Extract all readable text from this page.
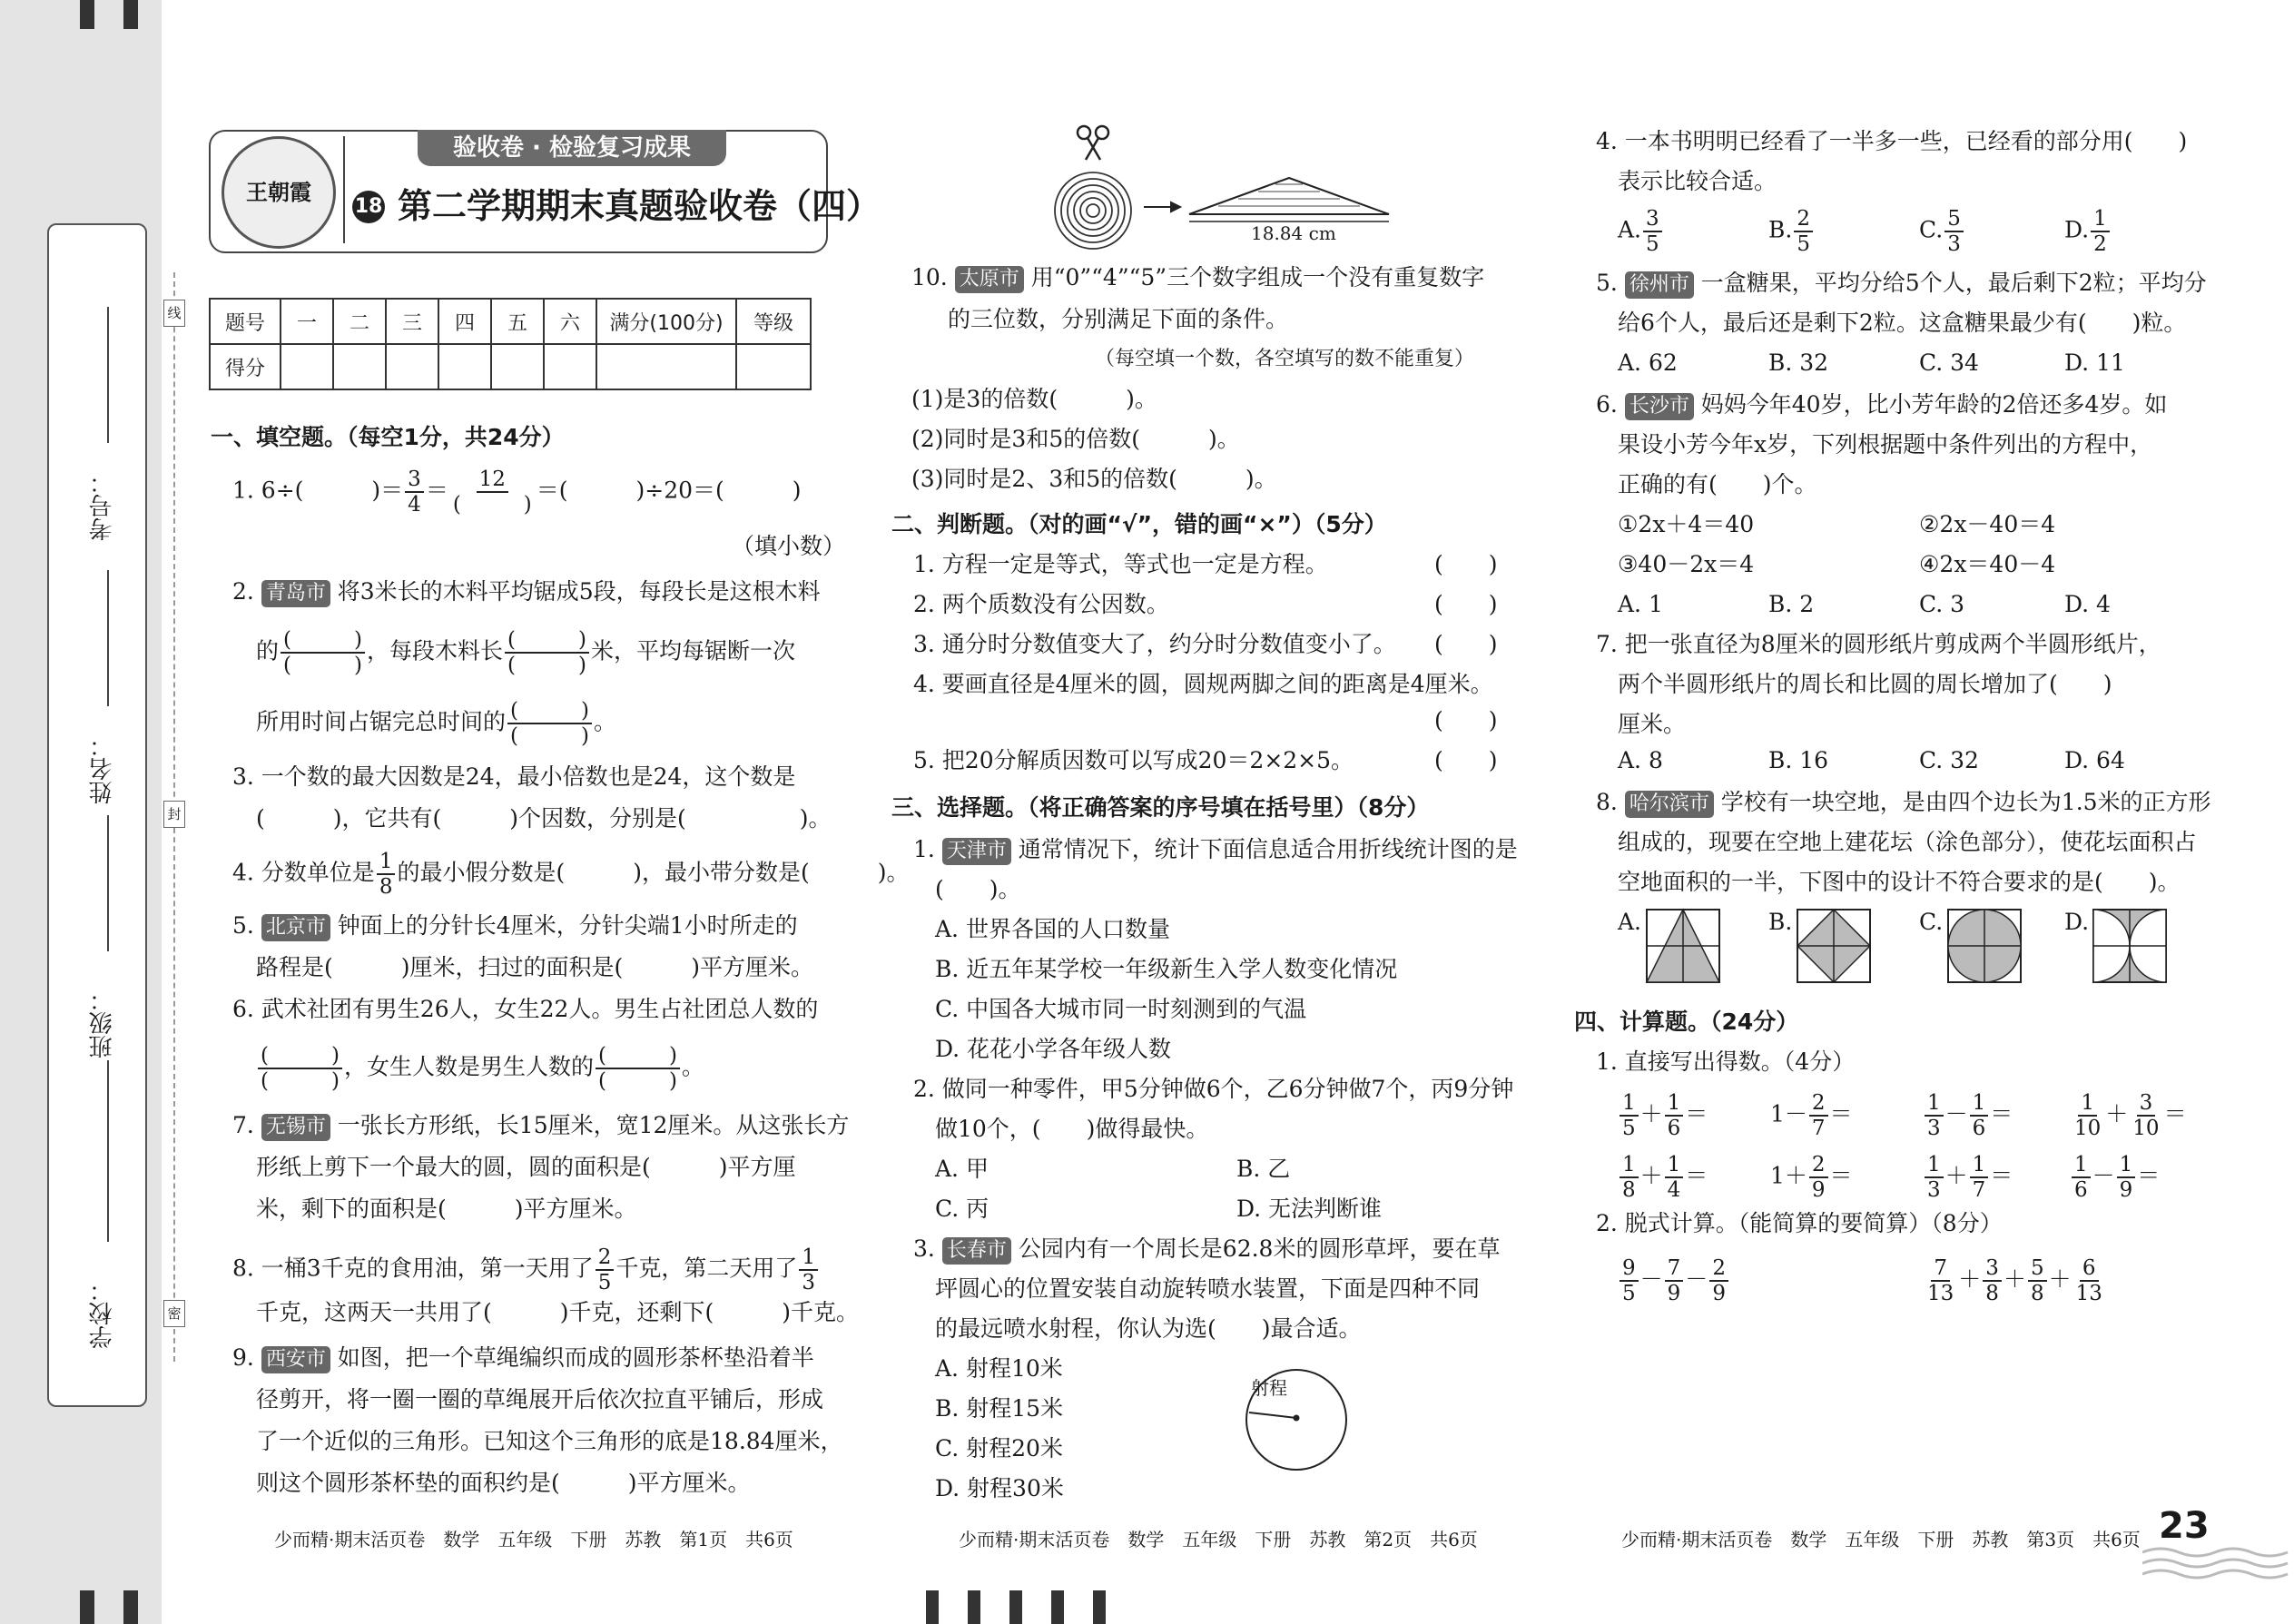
考号：
姓名：
班级：
学校：
线
封
密
验收卷 · 检验复习成果
王朝霞
18 第二学期期末真题验收卷（四）
题号	一	二	三	四	五	六	满分(100分)	等级
得分								
一、填空题。（每空1分，共24分）
1. 6÷(　　　)＝ $\frac{3}{4} = 12$
(　　　)
＝(　　　)÷20＝(　　　)
（填小数）
2. 青岛市 将3米长的木料平均锯成5段，每段长是这根木料
的 (　　　)
(　　　)
，每段木料长 (　　　)
(　　　)
米，平均每锯断一次
所用时间占锯完总时间的 (　　　)
(　　　)
。
3. 一个数的最大因数是24，最小倍数也是24，这个数是
(　　　)，它共有(　　　)个因数，分别是(　　　　　)。
4. 分数单位是 $\frac{1}{8}$ 的最小假分数是(　　　)，最小带分数是(　　　)。
5. 北京市 钟面上的分针长4厘米，分针尖端1小时所走的
路程是(　　　)厘米，扫过的面积是(　　　)平方厘米。
6. 武术社团有男生26人，女生22人。男生占社团总人数的
(　　　)
(　　　)
，女生人数是男生人数的 (　　　)
(　　　)
。
7. 无锡市 一张长方形纸，长15厘米，宽12厘米。从这张长方
形纸上剪下一个最大的圆，圆的面积是(　　　)平方厘
米，剩下的面积是(　　　)平方厘米。
8. 一桶3千克的食用油，第一天用了 $\frac{2}{5}$ 千克，第二天用了 $\frac{1}{3}$
千克，这两天一共用了(　　　)千克，还剩下(　　　)千克。
9. 西安市 如图，把一个草绳编织而成的圆形茶杯垫沿着半
径剪开，将一圈一圈的草绳展开后依次拉直平铺后，形成
了一个近似的三角形。已知这个三角形的底是18.84厘米，
则这个圆形茶杯垫的面积约是(　　　)平方厘米。
少而精·期末活页卷　数学　五年级　下册　苏教　第1页　共6页
18.84 cm
10. 太原市 用“0”“4”“5”三个数字组成一个没有重复数字
的三位数，分别满足下面的条件。
（每空填一个数，各空填写的数不能重复）
(1)是3的倍数(　　　)。
(2)同时是3和5的倍数(　　　)。
(3)同时是2、3和5的倍数(　　　)。
二、判断题。（对的画“√”，错的画“×”）（5分）
1. 方程一定是等式，等式也一定是方程。	(　　)
2. 两个质数没有公因数。	(　　)
3. 通分时分数值变大了，约分时分数值变小了。 (　　)
4. 要画直径是4厘米的圆，圆规两脚之间的距离是4厘米。
(　　)
5. 把20分解质因数可以写成20＝2×2×5。	(　　)
三、选择题。（将正确答案的序号填在括号里）（8分）
1. 天津市 通常情况下，统计下面信息适合用折线统计图的是
(　　)。
A. 世界各国的人口数量
B. 近五年某学校一年级新生入学人数变化情况
C. 中国各大城市同一时刻测到的气温
D. 花花小学各年级人数
2. 做同一种零件，甲5分钟做6个，乙6分钟做7个，丙9分钟
做10个，(　　)做得最快。
A. 甲	B. 乙
C. 丙	D. 无法判断谁
3. 长春市 公园内有一个周长是62.8米的圆形草坪，要在草
坪圆心的位置安装自动旋转喷水装置，下面是四种不同
的最远喷水射程，你认为选(　　)最合适。
A. 射程10米
B. 射程15米
C. 射程20米
D. 射程30米
射程
少而精·期末活页卷　数学　五年级　下册　苏教　第2页　共6页
4. 一本书明明已经看了一半多一些，已经看的部分用(　　)
表示比较合适。
A. $\frac{3}{5}$	B. $\frac{2}{5}$	C. $\frac{5}{3}$	D. $\frac{1}{2}$
5. 徐州市 一盒糖果，平均分给5个人，最后剩下2粒；平均分
给6个人，最后还是剩下2粒。这盒糖果最少有(　　)粒。
A. 62	B. 32	C. 34	D. 11
6. 长沙市 妈妈今年40岁，比小芳年龄的2倍还多4岁。如
果设小芳今年x岁，下列根据题中条件列出的方程中，
正确的有(　　)个。
①2x＋4＝40	②2x－40＝4
③40－2x＝4	④2x＝40－4
A. 1	B. 2	C. 3	D. 4
7. 把一张直径为8厘米的圆形纸片剪成两个半圆形纸片，
两个半圆形纸片的周长和比圆的周长增加了(　　)
厘米。
A. 8	B. 16	C. 32	D. 64
8. 哈尔滨市 学校有一块空地，是由四个边长为1.5米的正方形
组成的，现要在空地上建花坛（涂色部分），使花坛面积占
空地面积的一半，下图中的设计不符合要求的是(　　)。
A.	B.	C.	D.
四、计算题。（24分）
1. 直接写出得数。（4分）
$\frac{1}{5} + \frac{1}{6}$ ＝	$1- \frac{2}{7}$ ＝	$\frac{1}{3} - \frac{1}{6}$ ＝	$\frac{1}{10} + \frac{3}{10}$ ＝
$\frac{1}{8} + \frac{1}{4}$ ＝	$1+ \frac{2}{9}$ ＝	$\frac{1}{3} + \frac{1}{7}$ ＝	$\frac{1}{6} - \frac{1}{9}$ ＝
2. 脱式计算。（能简算的要简算）（8分）
$\frac{9}{5} - \frac{7}{9} - \frac{2}{9}$	$\frac{7}{13} + \frac{3}{8} + \frac{5}{8} + \frac{6}{13}$
少而精·期末活页卷　数学　五年级　下册　苏教　第3页　共6页 23
